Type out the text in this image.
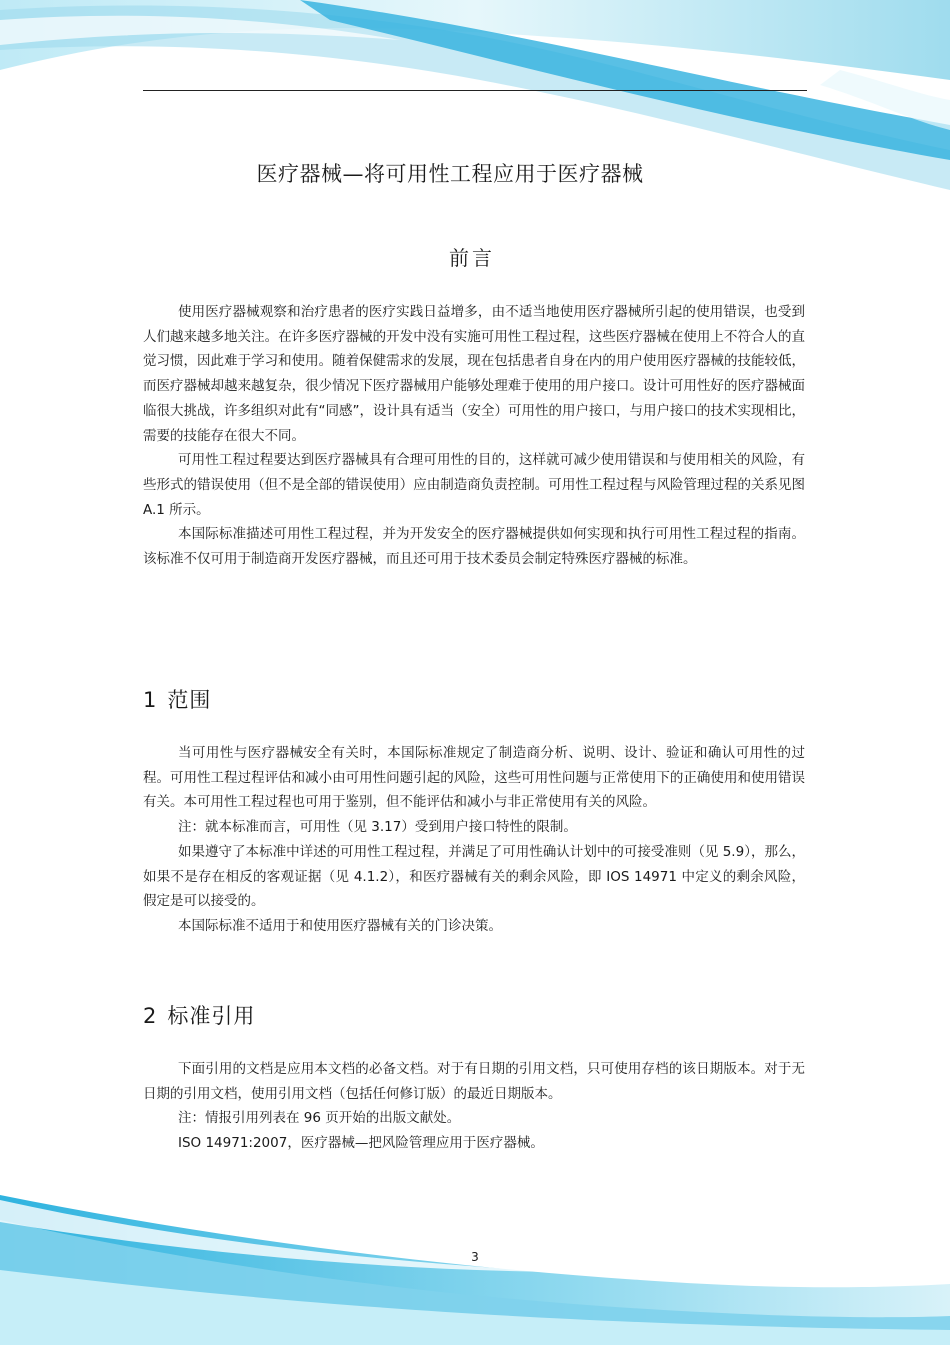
医疗器械—将可用性工程应用于医疗器械
前言

使用医疗器械观察和治疗患者的医疗实践日益增多，由不适当地使用医疗器械所引起的使用错误，也受到人们越来越多地关注。在许多医疗器械的开发中没有实施可用性工程过程，这些医疗器械在使用上不符合人的直觉习惯，因此难于学习和使用。随着保健需求的发展，现在包括患者自身在内的用户使用医疗器械的技能较低，而医疗器械却越来越复杂，很少情况下医疗器械用户能够处理难于使用的用户接口。设计可用性好的医疗器械面临很大挑战，许多组织对此有“同感”，设计具有适当（安全）可用性的用户接口，与用户接口的技术实现相比，需要的技能存在很大不同。

可用性工程过程要达到医疗器械具有合理可用性的目的，这样就可减少使用错误和与使用相关的风险，有些形式的错误使用（但不是全部的错误使用）应由制造商负责控制。可用性工程过程与风险管理过程的关系见图 A.1 所示。

本国际标准描述可用性工程过程，并为开发安全的医疗器械提供如何实现和执行可用性工程过程的指南。该标准不仅可用于制造商开发医疗器械，而且还可用于技术委员会制定特殊医疗器械的标准。

1 范围

当可用性与医疗器械安全有关时，本国际标准规定了制造商分析、说明、设计、验证和确认可用性的过程。可用性工程过程评估和减小由可用性问题引起的风险，这些可用性问题与正常使用下的正确使用和使用错误有关。本可用性工程过程也可用于鉴别，但不能评估和减小与非正常使用有关的风险。

注：就本标准而言，可用性（见 3.17）受到用户接口特性的限制。

如果遵守了本标准中详述的可用性工程过程，并满足了可用性确认计划中的可接受准则（见 5.9），那么，如果不是存在相反的客观证据（见 4.1.2），和医疗器械有关的剩余风险，即 IOS 14971 中定义的剩余风险，假定是可以接受的。

本国际标准不适用于和使用医疗器械有关的门诊决策。

2 标准引用

下面引用的文档是应用本文档的必备文档。对于有日期的引用文档，只可使用存档的该日期版本。对于无日期的引用文档，使用引用文档（包括任何修订版）的最近日期版本。

注：情报引用列表在 96 页开始的出版文献处。

ISO 14971:2007，医疗器械—把风险管理应用于医疗器械。

3
